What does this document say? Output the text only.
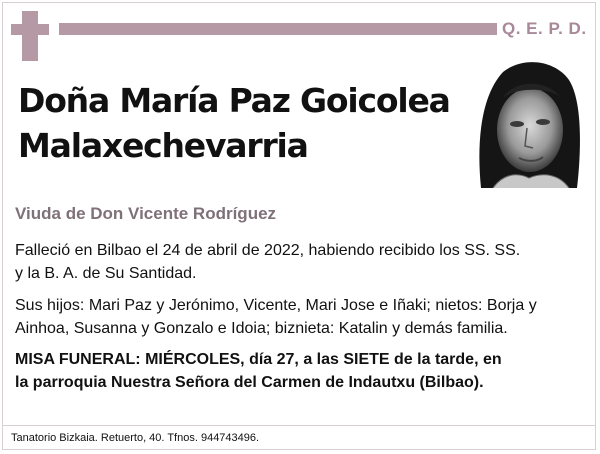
Q. E. P. D.
Doña María Paz Goicolea
Malaxechevarria
Viuda de Don Vicente Rodríguez
Falleció en Bilbao el 24 de abril de 2022, habiendo recibido los SS. SS.
y la B. A. de Su Santidad.
Sus hijos: Mari Paz y Jerónimo, Vicente, Mari Jose e Iñaki; nietos: Borja y
Ainhoa, Susanna y Gonzalo e Idoia; biznieta: Katalin y demás familia.
MISA FUNERAL: MIÉRCOLES, día 27, a las SIETE de la tarde, en
la parroquia Nuestra Señora del Carmen de Indautxu (Bilbao).
Tanatorio Bizkaia. Retuerto, 40. Tfnos. 944743496.
